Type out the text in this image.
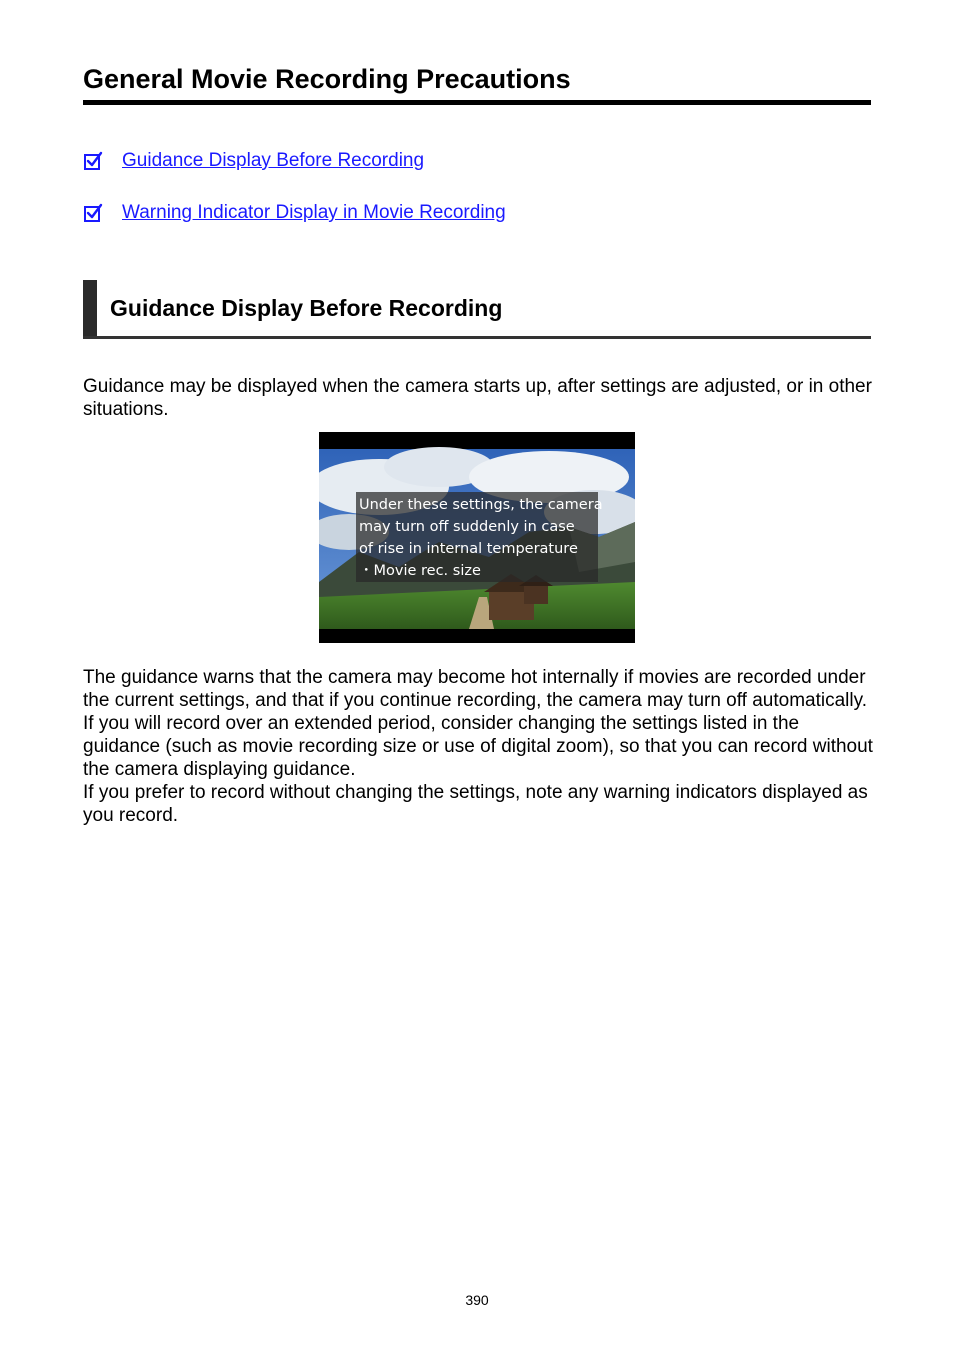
General Movie Recording Precautions
Guidance Display Before Recording
Warning Indicator Display in Movie Recording
Guidance Display Before Recording

Guidance may be displayed when the camera starts up, after settings are adjusted, or in other situations.

Under these settings, the camera
may turn off suddenly in case
of rise in internal temperature
・Movie rec. size
The guidance warns that the camera may become hot internally if movies are recorded under the current settings, and that if you continue recording, the camera may turn off automatically.
If you will record over an extended period, consider changing the settings listed in the guidance (such as movie recording size or use of digital zoom), so that you can record without the camera displaying guidance.
If you prefer to record without changing the settings, note any warning indicators displayed as you record.
390
